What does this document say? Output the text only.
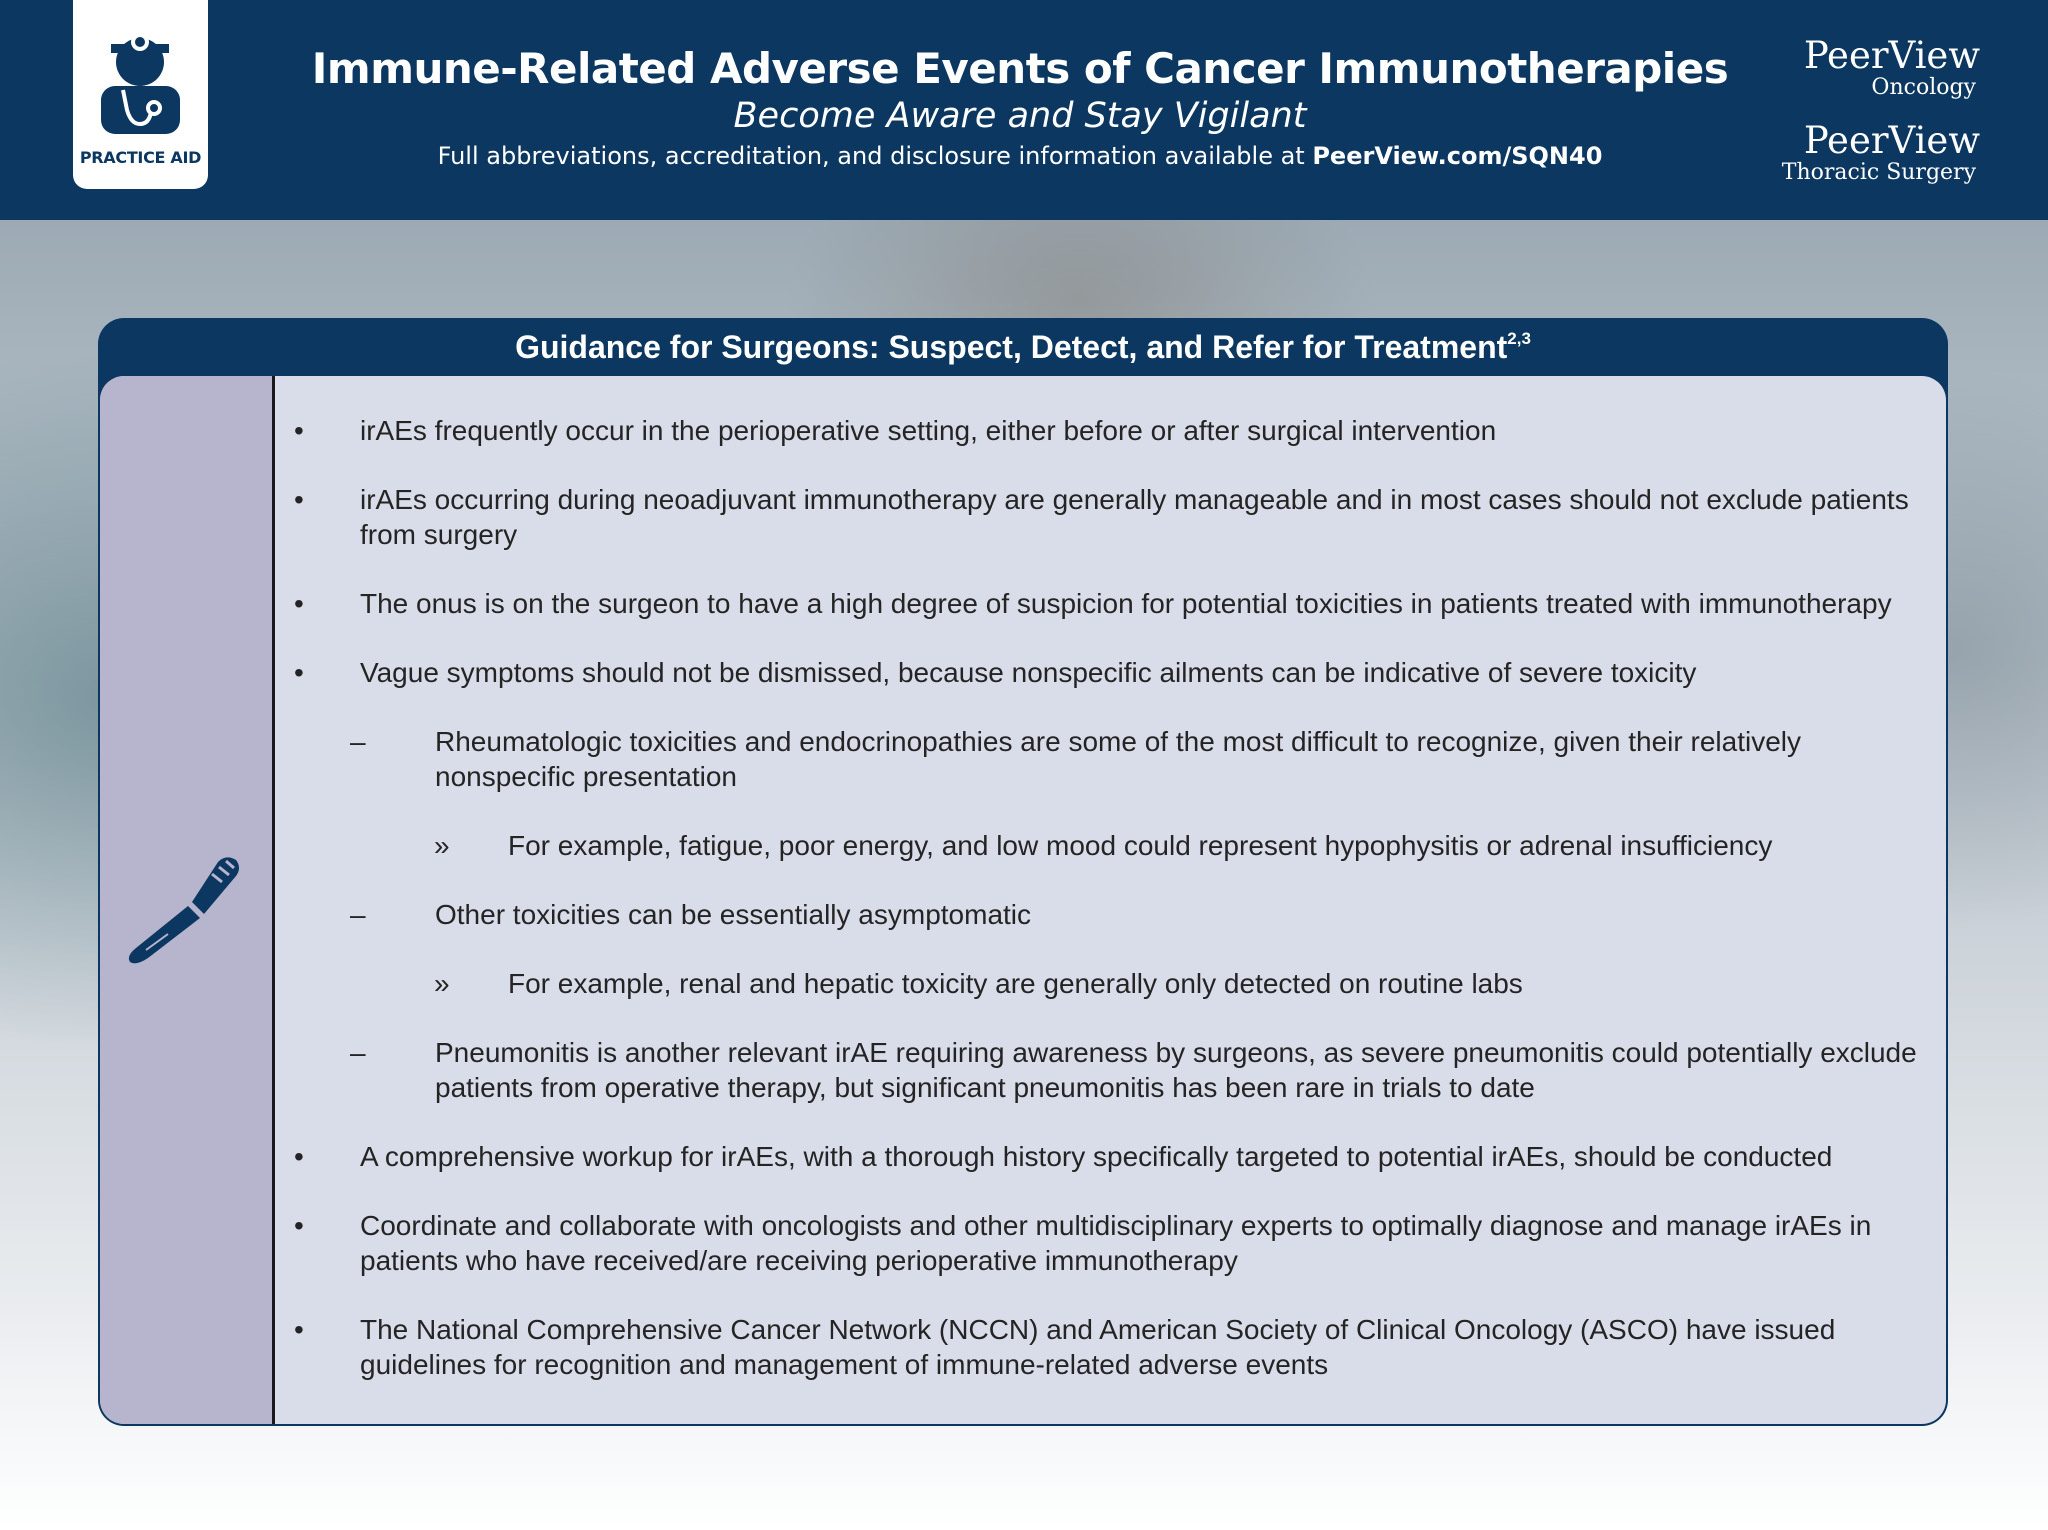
PRACTICE AID
Immune-Related Adverse Events of Cancer Immunotherapies
Become Aware and Stay Vigilant
Full abbreviations, accreditation, and disclosure information available at PeerView.com/SQN40
PeerView
Oncology
PeerView
Thoracic Surgery
Guidance for Surgeons: Suspect, Detect, and Refer for Treatment$^{2,3}$
• irAEs frequently occur in the perioperative setting, either before or after surgical intervention
• irAEs occurring during neoadjuvant immunotherapy are generally manageable and in most cases should not exclude patients from surgery
• The onus is on the surgeon to have a high degree of suspicion for potential toxicities in patients treated with immunotherapy
• Vague symptoms should not be dismissed, because nonspecific ailments can be indicative of severe toxicity
– Rheumatologic toxicities and endocrinopathies are some of the most difficult to recognize, given their relatively nonspecific presentation
» For example, fatigue, poor energy, and low mood could represent hypophysitis or adrenal insufficiency
– Other toxicities can be essentially asymptomatic
» For example, renal and hepatic toxicity are generally only detected on routine labs
– Pneumonitis is another relevant irAE requiring awareness by surgeons, as severe pneumonitis could potentially exclude patients from operative therapy, but significant pneumonitis has been rare in trials to date
• A comprehensive workup for irAEs, with a thorough history specifically targeted to potential irAEs, should be conducted
• Coordinate and collaborate with oncologists and other multidisciplinary experts to optimally diagnose and manage irAEs in patients who have received/are receiving perioperative immunotherapy
• The National Comprehensive Cancer Network (NCCN) and American Society of Clinical Oncology (ASCO) have issued guidelines for recognition and management of immune-related adverse events
